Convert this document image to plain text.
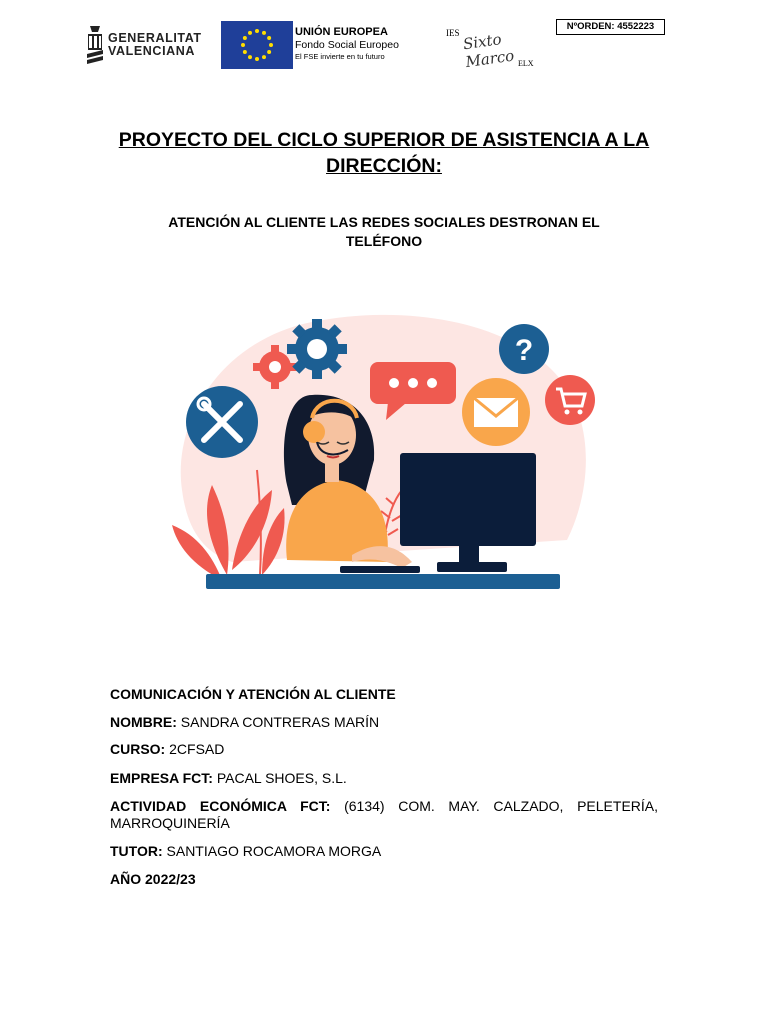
GENERALITAT
VALENCIANA
UNIÓN EUROPEA
Fondo Social Europeo
El FSE invierte en tu futuro
IES Sixto Marco ELX
NºORDEN: 4552223
PROYECTO DEL CICLO SUPERIOR DE ASISTENCIA A LA DIRECCIÓN:
ATENCIÓN AL CLIENTE LAS REDES SOCIALES DESTRONAN EL TELÉFONO
?
COMUNICACIÓN Y ATENCIÓN AL CLIENTE
NOMBRE: SANDRA CONTRERAS MARÍN
CURSO: 2CFSAD
EMPRESA FCT: PACAL SHOES, S.L.
ACTIVIDAD ECONÓMICA FCT: (6134) COM. MAY. CALZADO, PELETERÍA, MARROQUINERÍA
TUTOR: SANTIAGO ROCAMORA MORGA
AÑO 2022/23
